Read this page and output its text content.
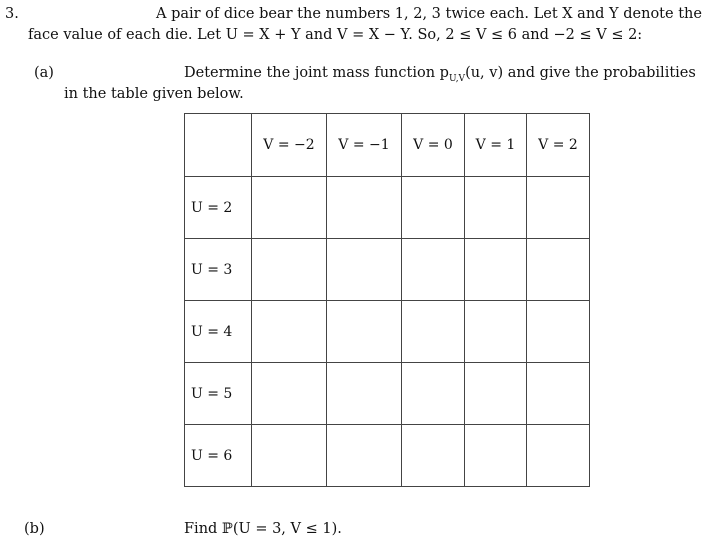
3.	A pair of dice bear the numbers 1, 2, 3 twice each. Let X and Y denote the
face value of each die. Let U = X + Y and V = X − Y. So, 2 ≤ V ≤ 6 and −2 ≤ V ≤ 2:
(a)	Determine the joint mass function $p_{U,V}(u$, v) and give the probabilities
in the table given below.
	V = −2	V = −1	V = 0	V = 1	V = 2
U = 2					
U = 3					
U = 4					
U = 5					
U = 6					
(b)	Find ℙ(U = 3, V ≤ 1).
